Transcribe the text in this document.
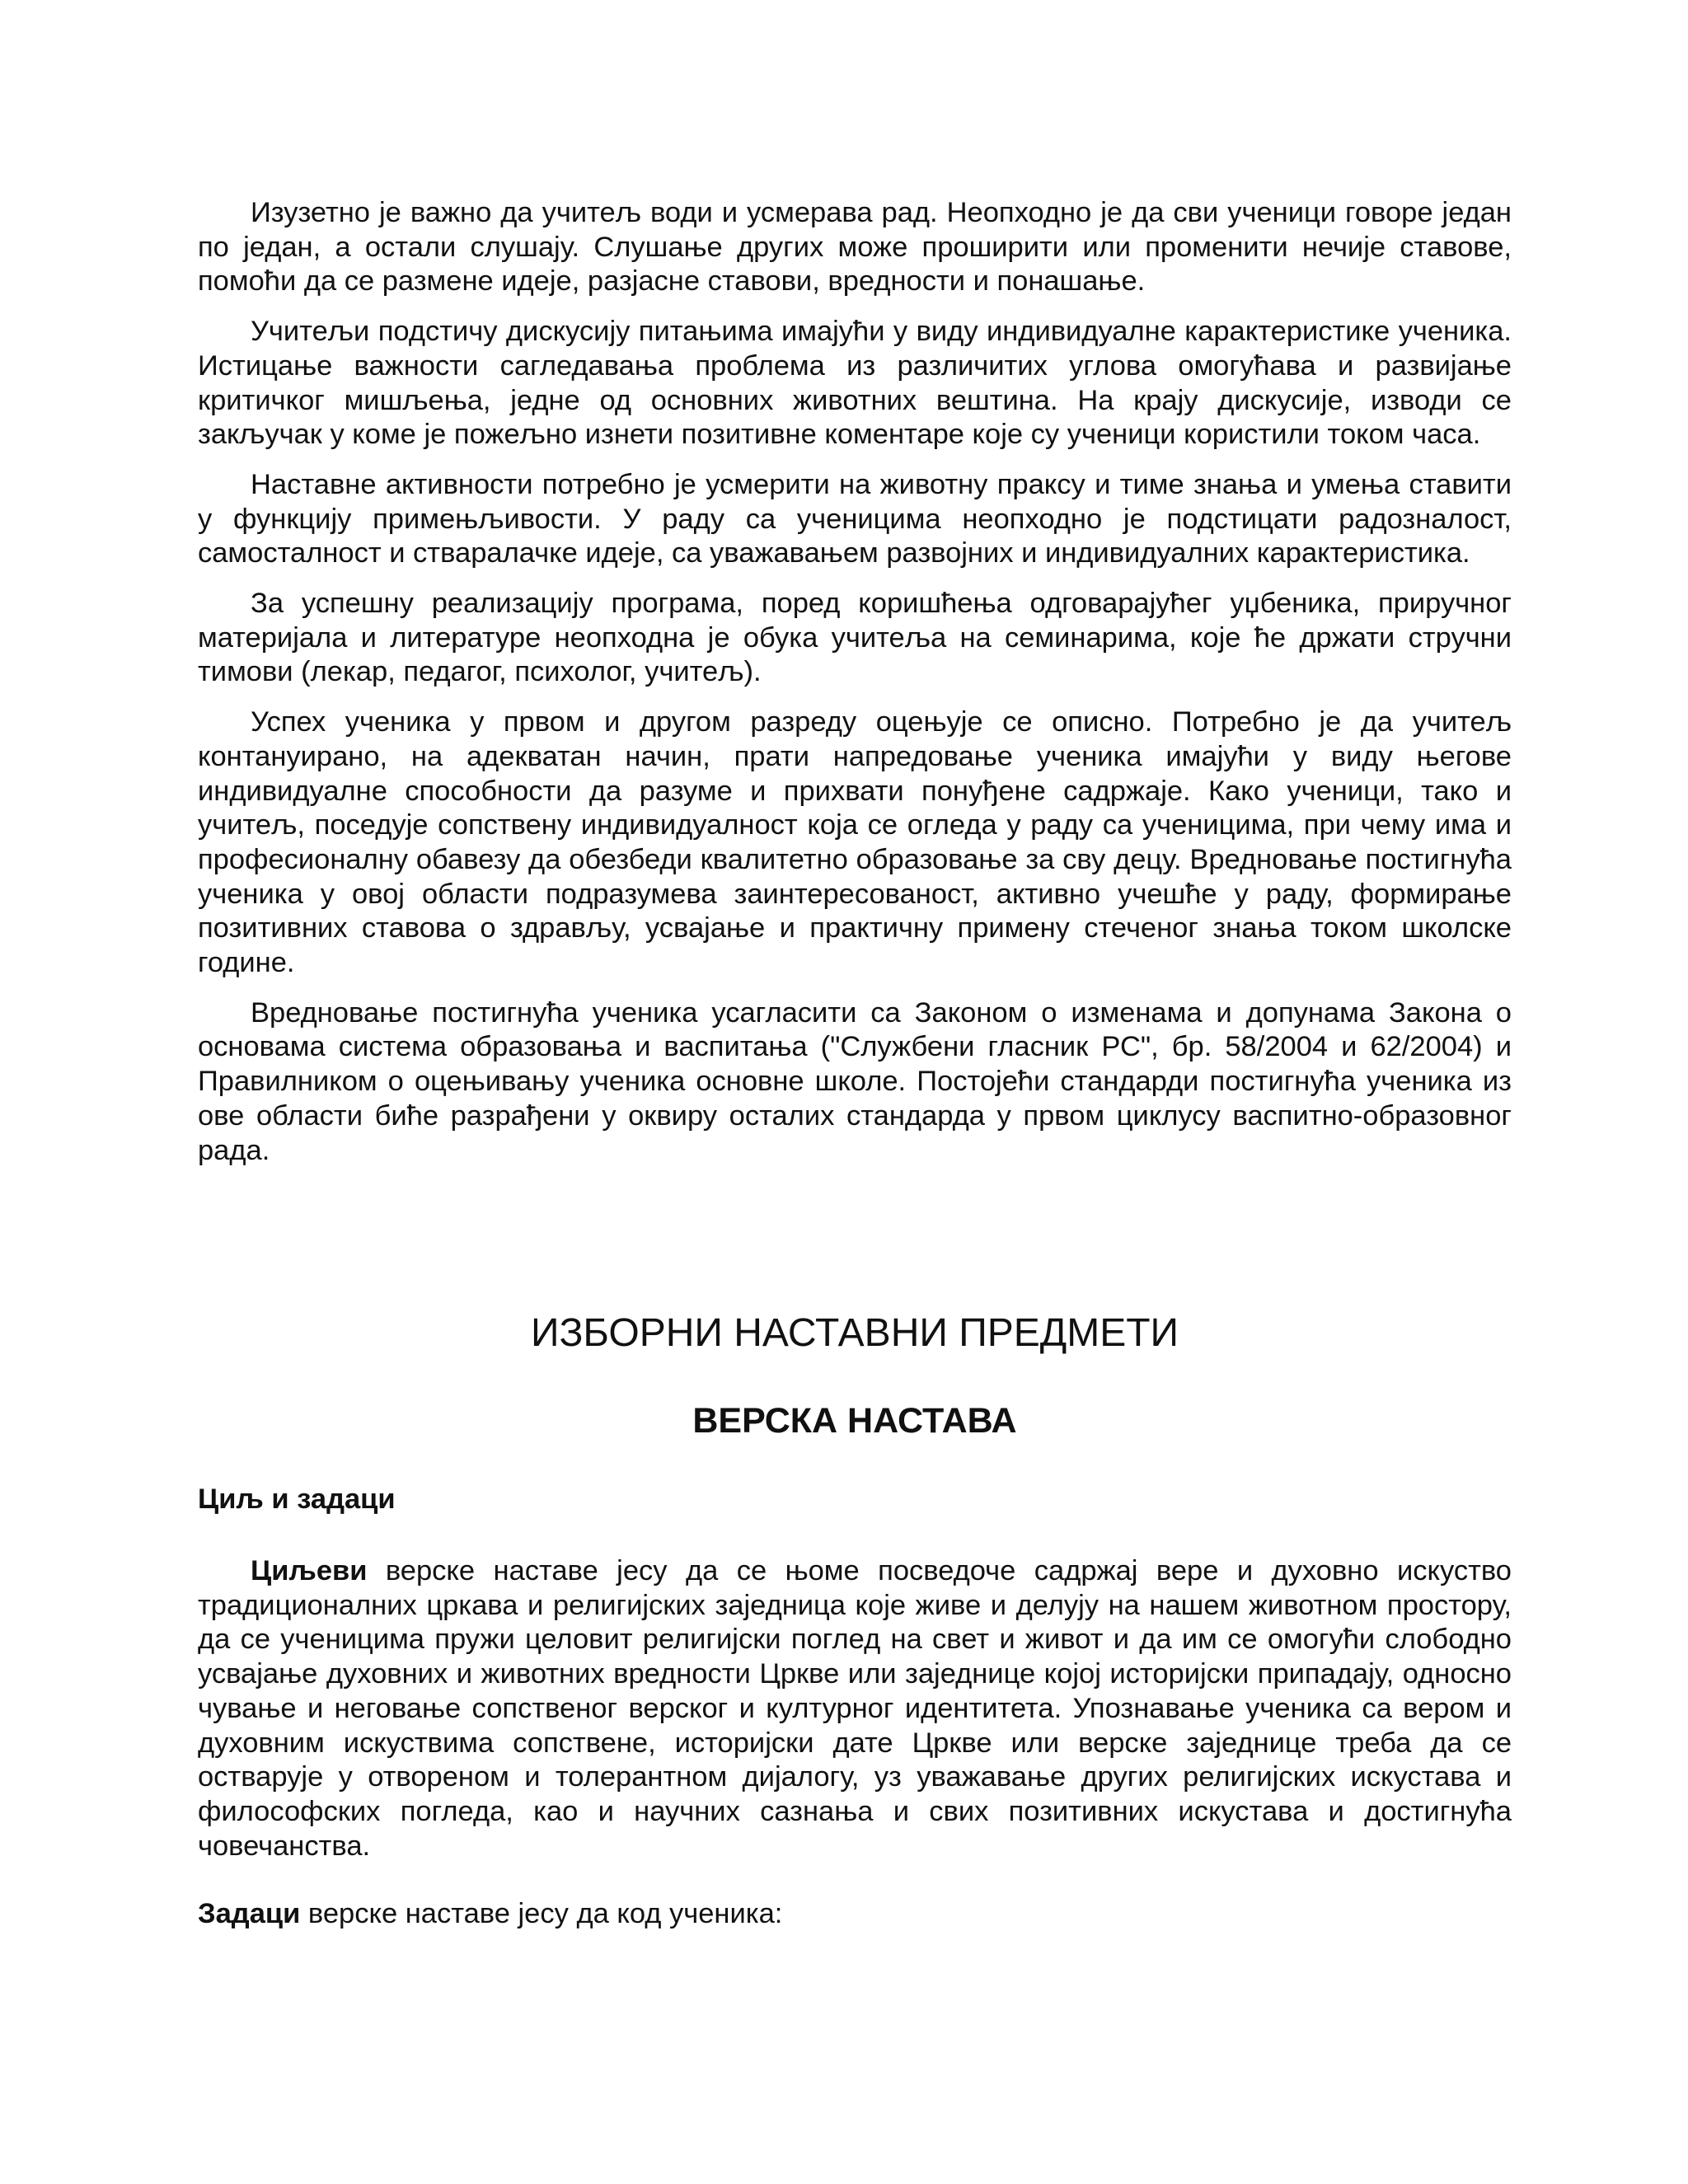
Изузетно је важно да учитељ води и усмерава рад. Неопходно је да сви ученици говоре један по један, а остали слушају. Слушање других може проширити или променити нечије ставове, помоћи да се размене идеје, разјасне ставови, вредности и понашање.

Учитељи подстичу дискусију питањима имајући у виду индивидуалне карактеристике ученика. Истицање важности сагледавања проблема из различитих углова омогућава и развијање критичког мишљења, једне од основних животних вештина. На крају дискусије, изводи се закључак у коме је пожељно изнети позитивне коментаре које су ученици користили током часа.

Наставне активности потребно је усмерити на животну праксу и тиме знања и умења ставити у функцију примењљивости. У раду са ученицима неопходно је подстицати радозналост, самосталност и стваралачке идеје, са уважавањем развојних и индивидуалних карактеристика.

За успешну реализацију програма, поред коришћења одговарајућег уџбеника, приручног материјала и литературе неопходна је обука учитеља на семинарима, које ће држати стручни тимови (лекар, педагог, психолог, учитељ).

Успех ученика у првом и другом разреду оцењује се описно. Потребно је да учитељ контануирано, на адекватан начин, прати напредовање ученика имајући у виду његове индивидуалне способности да разуме и прихвати понуђене садржаје. Како ученици, тако и учитељ, поседује сопствену индивидуалност која се огледа у раду са ученицима, при чему има и професионалну обавезу да обезбеди квалитетно образовање за сву децу. Вредновање постигнућа ученика у овој области подразумева заинтересованост, активно учешће у раду, формирање позитивних ставова о здрављу, усвајање и практичну примену стеченог знања током школске године.

Вредновање постигнућа ученика усагласити са Законом о изменама и допунама Закона о основама система образовања и васпитања ("Службени гласник РС", бр. 58/2004 и 62/2004) и Правилником о оцењивању ученика основне школе. Постојећи стандарди постигнућа ученика из ове области биће разрађени у оквиру осталих стандарда у првом циклусу васпитно-образовног рада.

ИЗБОРНИ НАСТАВНИ ПРЕДМЕТИ
ВЕРСКА НАСТАВА
Циљ и задаци

Циљеви верске наставе јесу да се њоме посведоче садржај вере и духовно искуство традиционалних цркава и религијских заједница које живе и делују на нашем животном простору, да се ученицима пружи целовит религијски поглед на свет и живот и да им се омогући слободно усвајање духовних и животних вредности Цркве или заједнице којој историјски припадају, односно чување и неговање сопственог верског и културног идентитета. Упознавање ученика са вером и духовним искуствима сопствене, историјски дате Цркве или верске заједнице треба да се остварује у отвореном и толерантном дијалогу, уз уважавање других религијских искустава и философских погледа, као и научних сазнања и свих позитивних искустава и достигнућа човечанства.

Задаци верске наставе јесу да код ученика:
